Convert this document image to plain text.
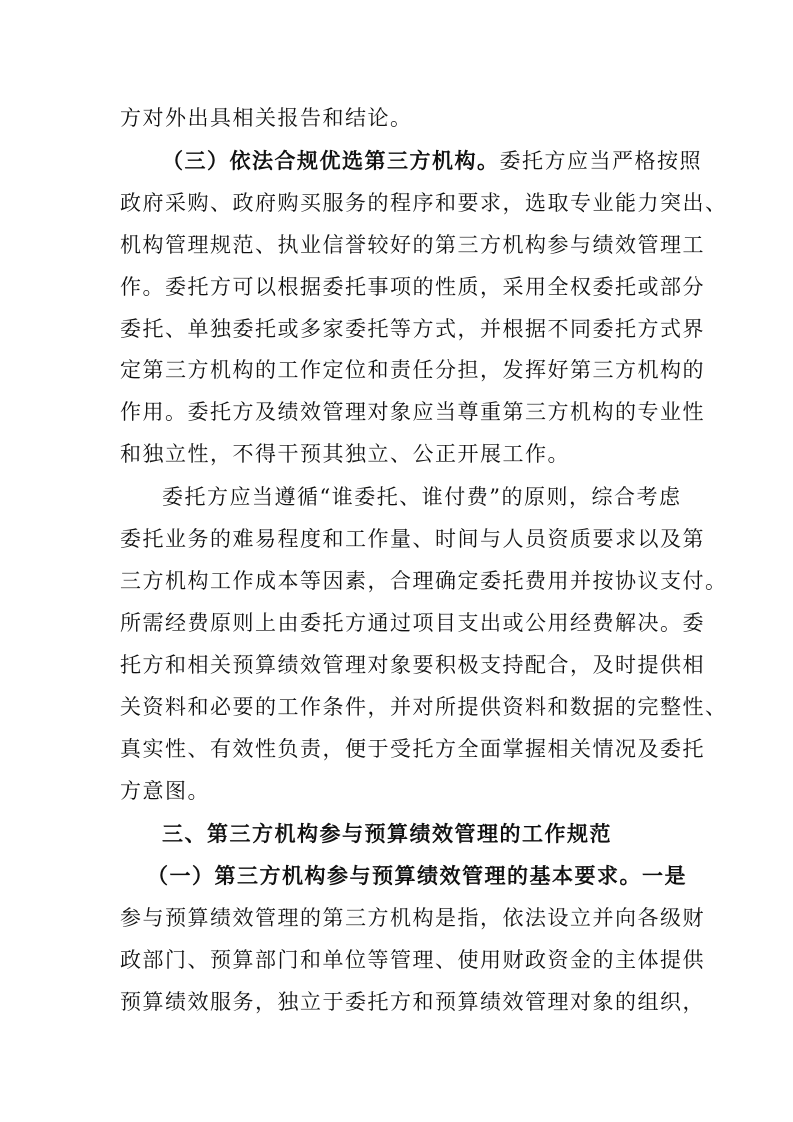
方对外出具相关报告和结论。
（三）依法合规优选第三方机构。委托方应当严格按照
政府采购、政府购买服务的程序和要求，选取专业能力突出、
机构管理规范、执业信誉较好的第三方机构参与绩效管理工
作。委托方可以根据委托事项的性质，采用全权委托或部分
委托、单独委托或多家委托等方式，并根据不同委托方式界
定第三方机构的工作定位和责任分担，发挥好第三方机构的
作用。委托方及绩效管理对象应当尊重第三方机构的专业性
和独立性，不得干预其独立、公正开展工作。
委托方应当遵循“谁委托、谁付费”的原则，综合考虑
委托业务的难易程度和工作量、时间与人员资质要求以及第
三方机构工作成本等因素，合理确定委托费用并按协议支付。
所需经费原则上由委托方通过项目支出或公用经费解决。委
托方和相关预算绩效管理对象要积极支持配合，及时提供相
关资料和必要的工作条件，并对所提供资料和数据的完整性、
真实性、有效性负责，便于受托方全面掌握相关情况及委托
方意图。
三、第三方机构参与预算绩效管理的工作规范
（一）第三方机构参与预算绩效管理的基本要求。一是
参与预算绩效管理的第三方机构是指，依法设立并向各级财
政部门、预算部门和单位等管理、使用财政资金的主体提供
预算绩效服务，独立于委托方和预算绩效管理对象的组织，
